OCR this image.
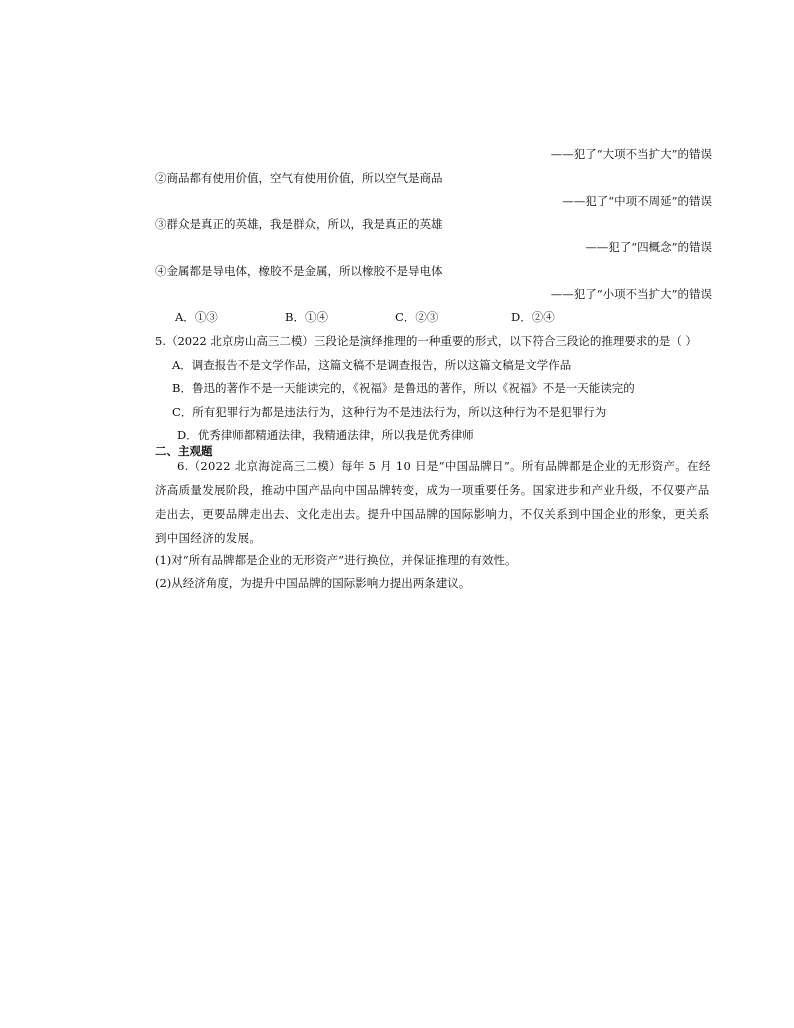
——犯了“大项不当扩大”的错误
②商品都有使用价值，空气有使用价值，所以空气是商品
——犯了“中项不周延”的错误
③群众是真正的英雄，我是群众，所以，我是真正的英雄
——犯了“四概念”的错误
④金属都是导电体，橡胶不是金属，所以橡胶不是导电体
——犯了“小项不当扩大”的错误
A．①③	B．①④	C．②③	D．②④
5.（2022 北京房山高三二模）三段论是演绎推理的一种重要的形式，以下符合三段论的推理要求的是（ ）
A．调查报告不是文学作品，这篇文稿不是调查报告，所以这篇文稿是文学作品
B．鲁迅的著作不是一天能读完的，《祝福》是鲁迅的著作，所以《祝福》不是一天能读完的
C．所有犯罪行为都是违法行为，这种行为不是违法行为，所以这种行为不是犯罪行为
D．优秀律师都精通法律，我精通法律，所以我是优秀律师
二、主观题
6.（2022 北京海淀高三二模）每年 5 月 10 日是“中国品牌日”。所有品牌都是企业的无形资产。在经济高质量发展阶段，推动中国产品向中国品牌转变，成为一项重要任务。国家进步和产业升级，不仅要产品走出去，更要品牌走出去、文化走出去。提升中国品牌的国际影响力，不仅关系到中国企业的形象，更关系到中国经济的发展。
(1)对“所有品牌都是企业的无形资产”进行换位，并保证推理的有效性。
(2)从经济角度，为提升中国品牌的国际影响力提出两条建议。
